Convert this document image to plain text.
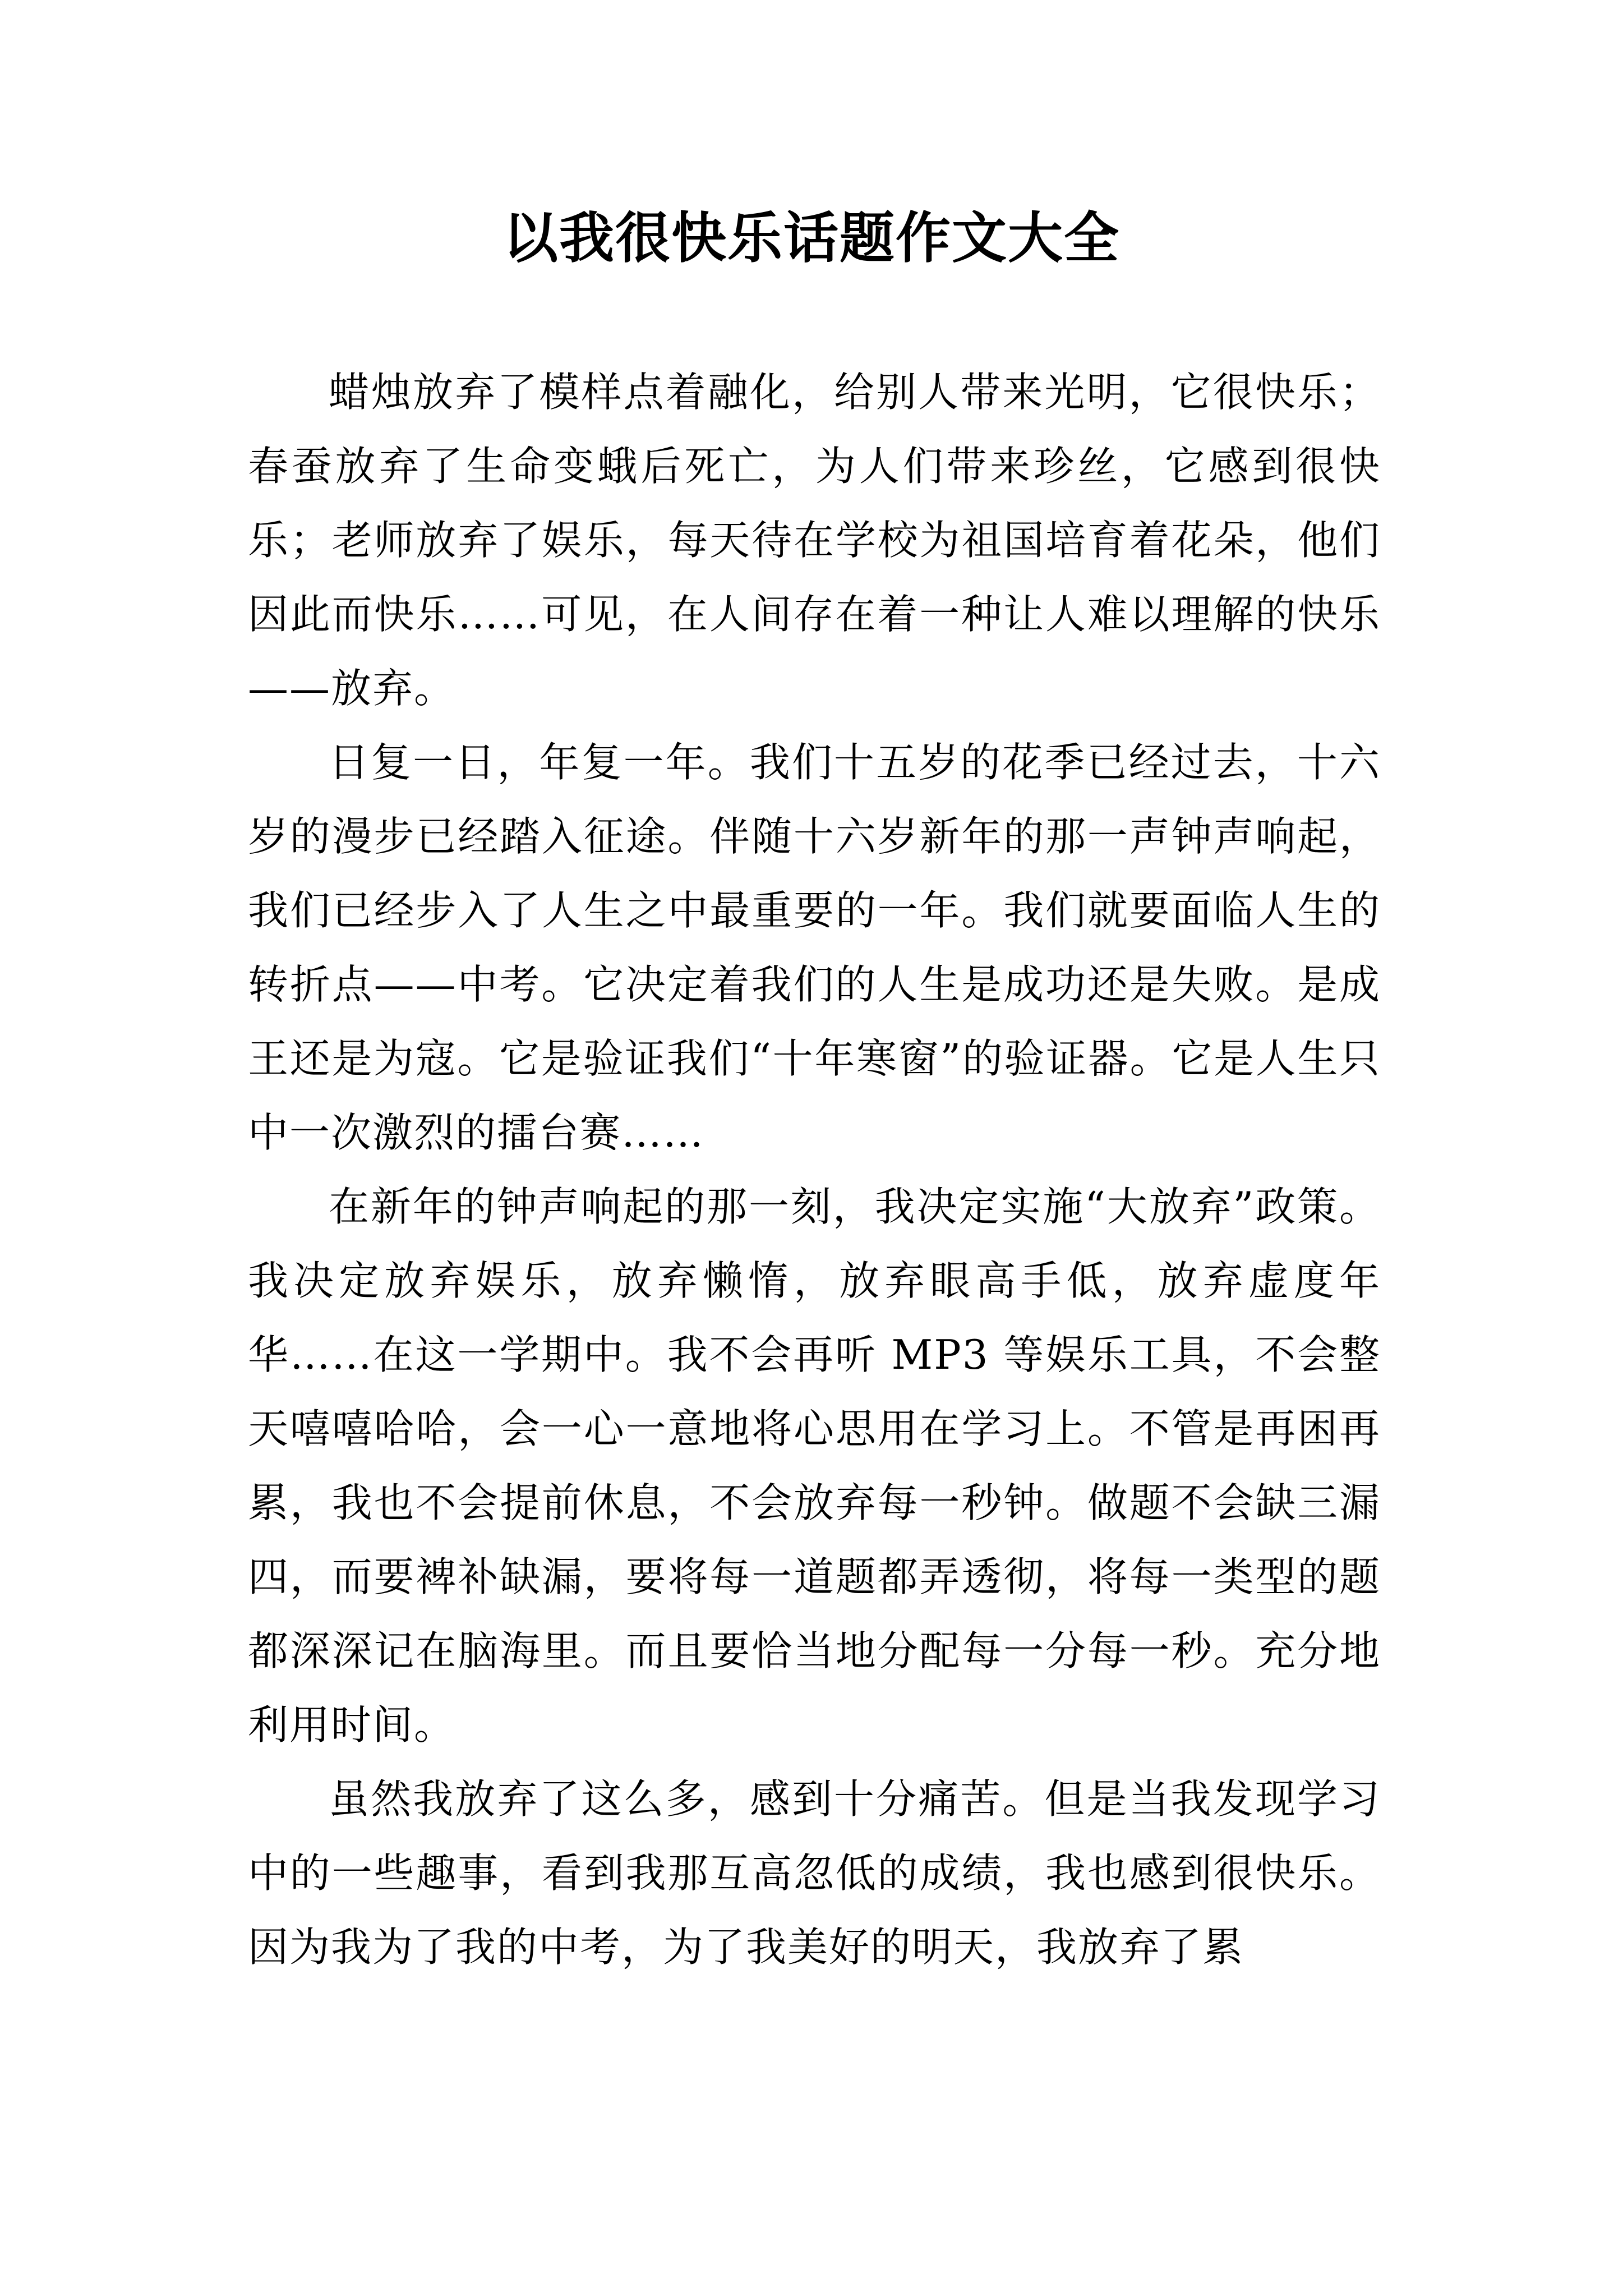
以我很快乐话题作文大全

蜡烛放弃了模样点着融化，给别人带来光明，它很快乐；春蚕放弃了生命变蛾后死亡，为人们带来珍丝，它感到很快乐；老师放弃了娱乐，每天待在学校为祖国培育着花朵，他们因此而快乐……可见，在人间存在着一种让人难以理解的快乐——放弃。

日复一日，年复一年。我们十五岁的花季已经过去，十六岁的漫步已经踏入征途。伴随十六岁新年的那一声钟声响起，我们已经步入了人生之中最重要的一年。我们就要面临人生的转折点——中考。它决定着我们的人生是成功还是失败。是成王还是为寇。它是验证我们“十年寒窗”的验证器。它是人生只中一次激烈的擂台赛……

在新年的钟声响起的那一刻，我决定实施“大放弃”政策。我决定放弃娱乐，放弃懒惰，放弃眼高手低，放弃虚度年华……在这一学期中。我不会再听 MP3 等娱乐工具，不会整天嘻嘻哈哈，会一心一意地将心思用在学习上。不管是再困再累，我也不会提前休息，不会放弃每一秒钟。做题不会缺三漏四，而要裨补缺漏，要将每一道题都弄透彻，将每一类型的题都深深记在脑海里。而且要恰当地分配每一分每一秒。充分地利用时间。

虽然我放弃了这么多，感到十分痛苦。但是当我发现学习中的一些趣事，看到我那互高忽低的成绩，我也感到很快乐。因为我为了我的中考，为了我美好的明天，我放弃了累
